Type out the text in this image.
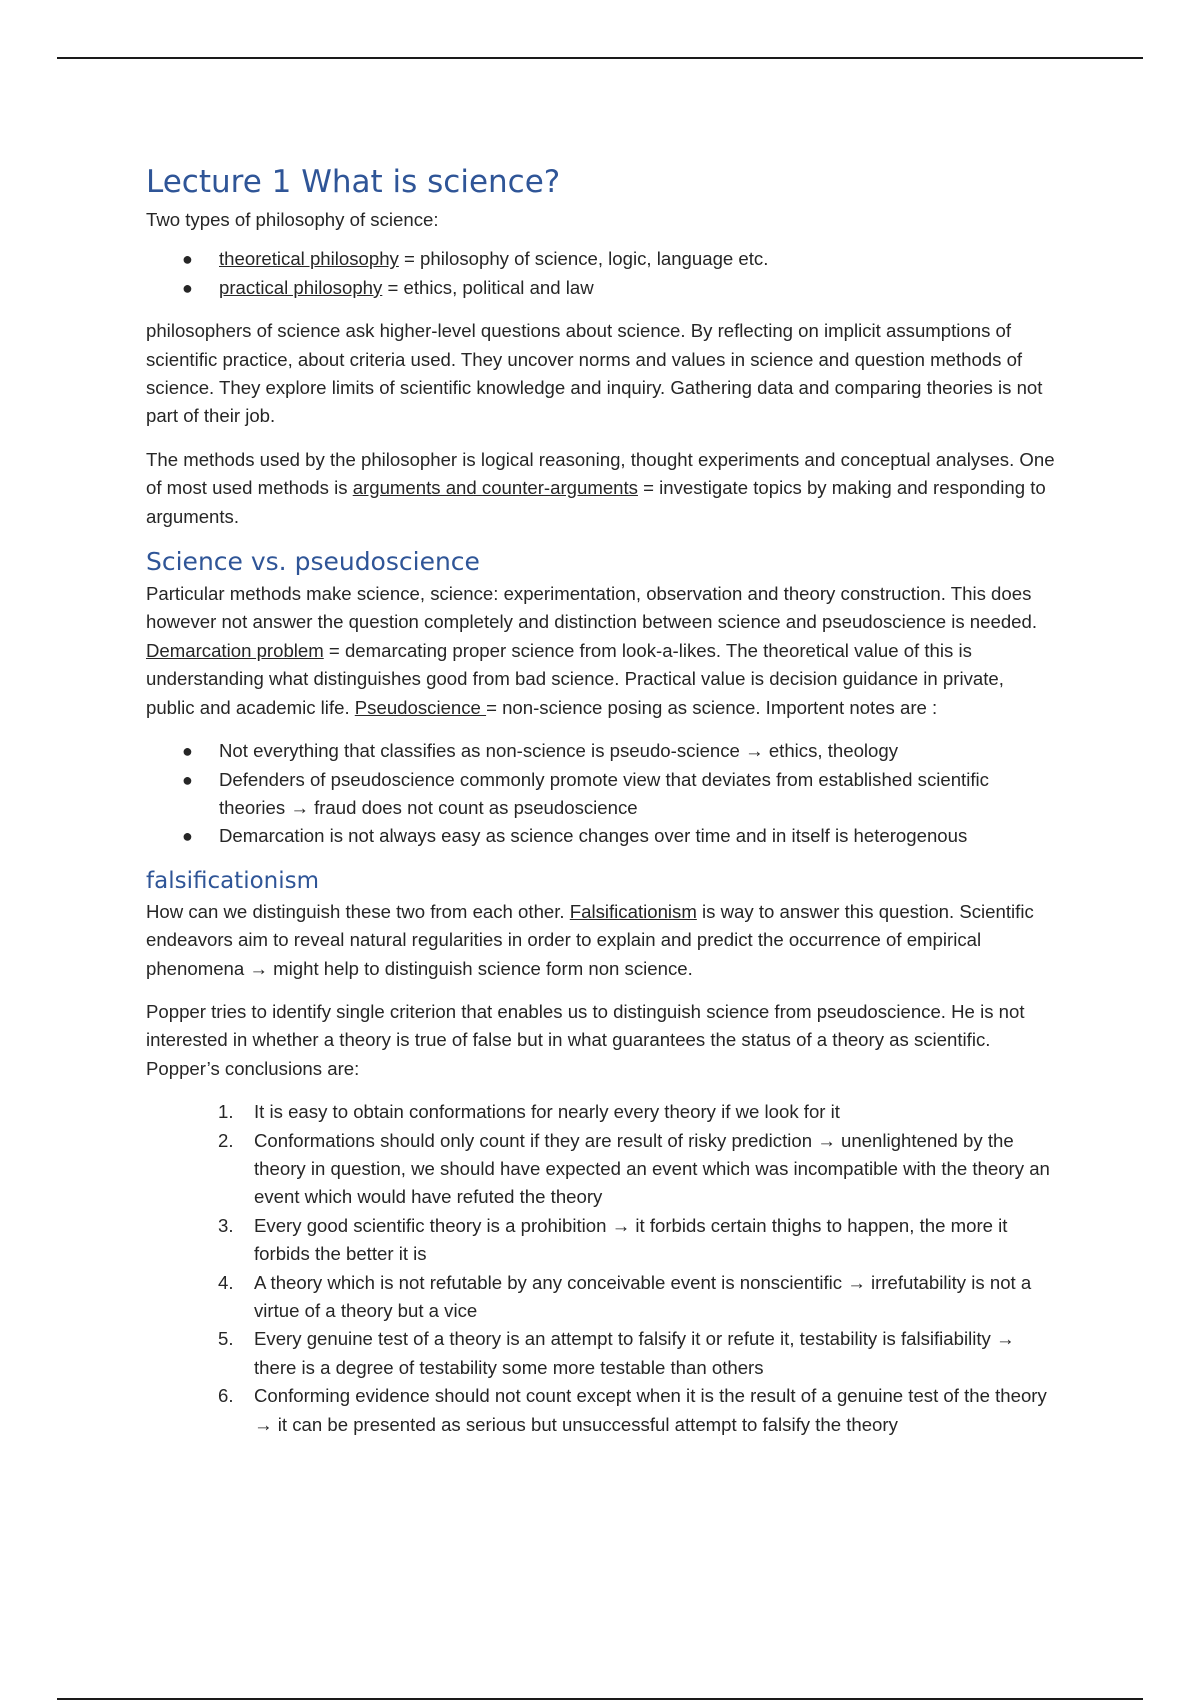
Lecture 1 What is science?

Two types of philosophy of science:

● theoretical philosophy = philosophy of science, logic, language etc.
● practical philosophy = ethics, political and law

philosophers of science ask higher-level questions about science. By reflecting on implicit assumptions of scientific practice, about criteria used. They uncover norms and values in science and question methods of science. They explore limits of scientific knowledge and inquiry. Gathering data and comparing theories is not part of their job.

The methods used by the philosopher is logical reasoning, thought experiments and conceptual analyses. One of most used methods is arguments and counter-arguments = investigate topics by making and responding to arguments.

Science vs. pseudoscience

Particular methods make science, science: experimentation, observation and theory construction. This does however not answer the question completely and distinction between science and pseudoscience is needed. Demarcation problem = demarcating proper science from look-a-likes. The theoretical value of this is understanding what distinguishes good from bad science. Practical value is decision guidance in private, public and academic life. Pseudoscience = non-science posing as science. Importent notes are :

● Not everything that classifies as non-science is pseudo-science → ethics, theology
● Defenders of pseudoscience commonly promote view that deviates from established scientific theories → fraud does not count as pseudoscience
● Demarcation is not always easy as science changes over time and in itself is heterogenous
falsificationism

How can we distinguish these two from each other. Falsificationism is way to answer this question. Scientific endeavors aim to reveal natural regularities in order to explain and predict the occurrence of empirical phenomena → might help to distinguish science form non science.

Popper tries to identify single criterion that enables us to distinguish science from pseudoscience. He is not interested in whether a theory is true of false but in what guarantees the status of a theory as scientific. Popper’s conclusions are:

1. It is easy to obtain conformations for nearly every theory if we look for it
2. Conformations should only count if they are result of risky prediction → unenlightened by the theory in question, we should have expected an event which was incompatible with the theory an event which would have refuted the theory
3. Every good scientific theory is a prohibition → it forbids certain thighs to happen, the more it forbids the better it is
4. A theory which is not refutable by any conceivable event is nonscientific → irrefutability is not a virtue of a theory but a vice
5. Every genuine test of a theory is an attempt to falsify it or refute it, testability is falsifiability → there is a degree of testability some more testable than others
6. Conforming evidence should not count except when it is the result of a genuine test of the theory → it can be presented as serious but unsuccessful attempt to falsify the theory
